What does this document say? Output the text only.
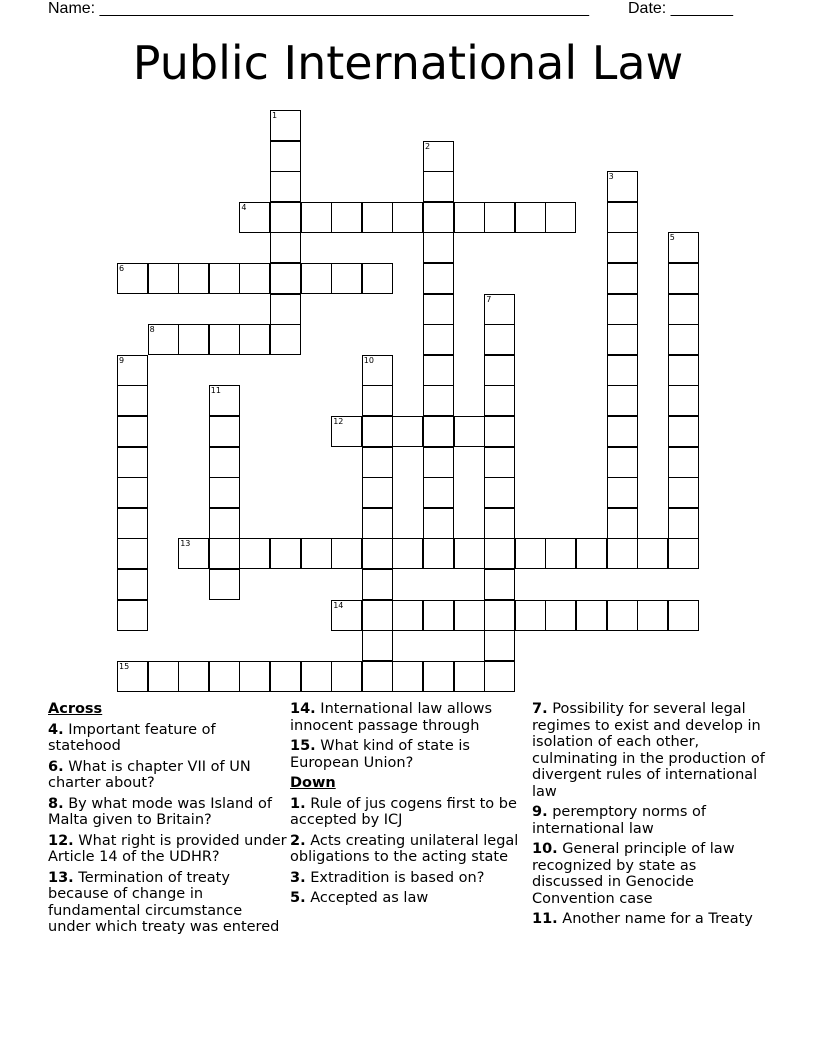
Name: _______________________________________________________ Date: _______
Public International Law
1
2
3
4
5
6
7
8
9	10
11
12
13
14
15
Across
4. Important feature of statehood
6. What is chapter VII of UN charter about?
8. By what mode was Island of Malta given to Britain?
12. What right is provided under Article 14 of the UDHR?
13. Termination of treaty because of change in fundamental circumstance under which treaty was entered
14. International law allows innocent passage through
15. What kind of state is European Union?
Down
1. Rule of jus cogens first to be accepted by ICJ
2. Acts creating unilateral legal obligations to the acting state
3. Extradition is based on?
5. Accepted as law
7. Possibility for several legal regimes to exist and develop in isolation of each other, culminating in the production of divergent rules of international law
9. peremptory norms of international law
10. General principle of law recognized by state as discussed in Genocide Convention case
11. Another name for a Treaty
